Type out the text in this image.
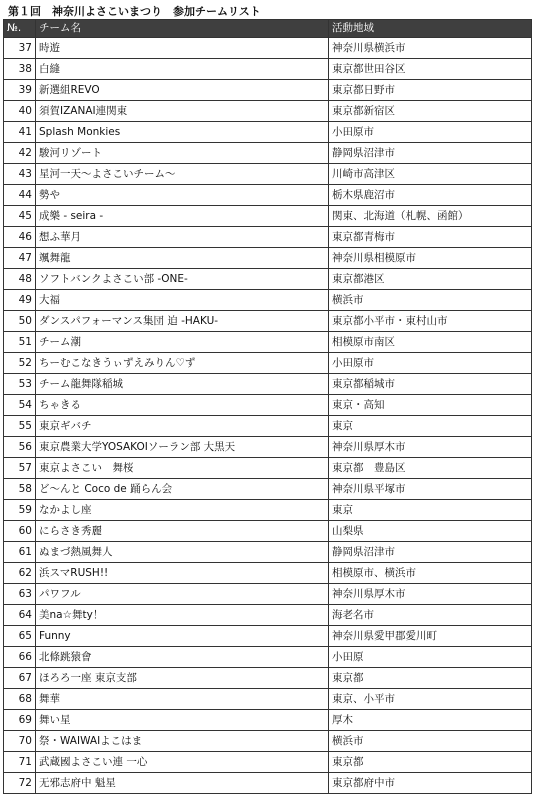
第１回　神奈川よさこいまつり　参加チームリスト
№.	チーム名	活動地域
37	時遊	神奈川県横浜市
38	白縫	東京都世田谷区
39	新選組REVO	東京都日野市
40	須賀IZANAI連関東	東京都新宿区
41	Splash Monkies	小田原市
42	駿河リゾート	静岡県沼津市
43	星河一天〜よさこいチーム〜	川崎市高津区
44	勢や	栃木県鹿沼市
45	成樂 - seira -	関東、北海道（札幌、函館）
46	想ふ華月	東京都青梅市
47	颯舞龍	神奈川県相模原市
48	ソフトバンクよさこい部 -ONE-	東京都港区
49	大福	横浜市
50	ダンスパフォーマンス集団 迫 -HAKU-	東京都小平市・東村山市
51	チーム潮	相模原市南区
52	ちーむこなきうぃずえみりん♡ず	小田原市
53	チーム龍舞隊稲城	東京都稲城市
54	ちゃきる	東京・高知
55	東京ギバチ	東京
56	東京農業大学YOSAKOIソーラン部 大黒天	神奈川県厚木市
57	東京よさこい　舞桜	東京都　豊島区
58	ど〜んと Coco de 踊らん会	神奈川県平塚市
59	なかよし座	東京
60	にらさき秀麗	山梨県
61	ぬまづ熱風舞人	静岡県沼津市
62	浜スマRUSH!!	相模原市、横浜市
63	パワフル	神奈川県厚木市
64	美na☆舞ty！	海老名市
65	Funny	神奈川県愛甲郡愛川町
66	北條跳猿會	小田原
67	ほろろ一座 東京支部	東京都
68	舞華	東京、小平市
69	舞い星	厚木
70	祭・WAIWAIよこはま	横浜市
71	武蔵國よさこい連 一心	東京都
72	无邪志府中 魁星	東京都府中市
